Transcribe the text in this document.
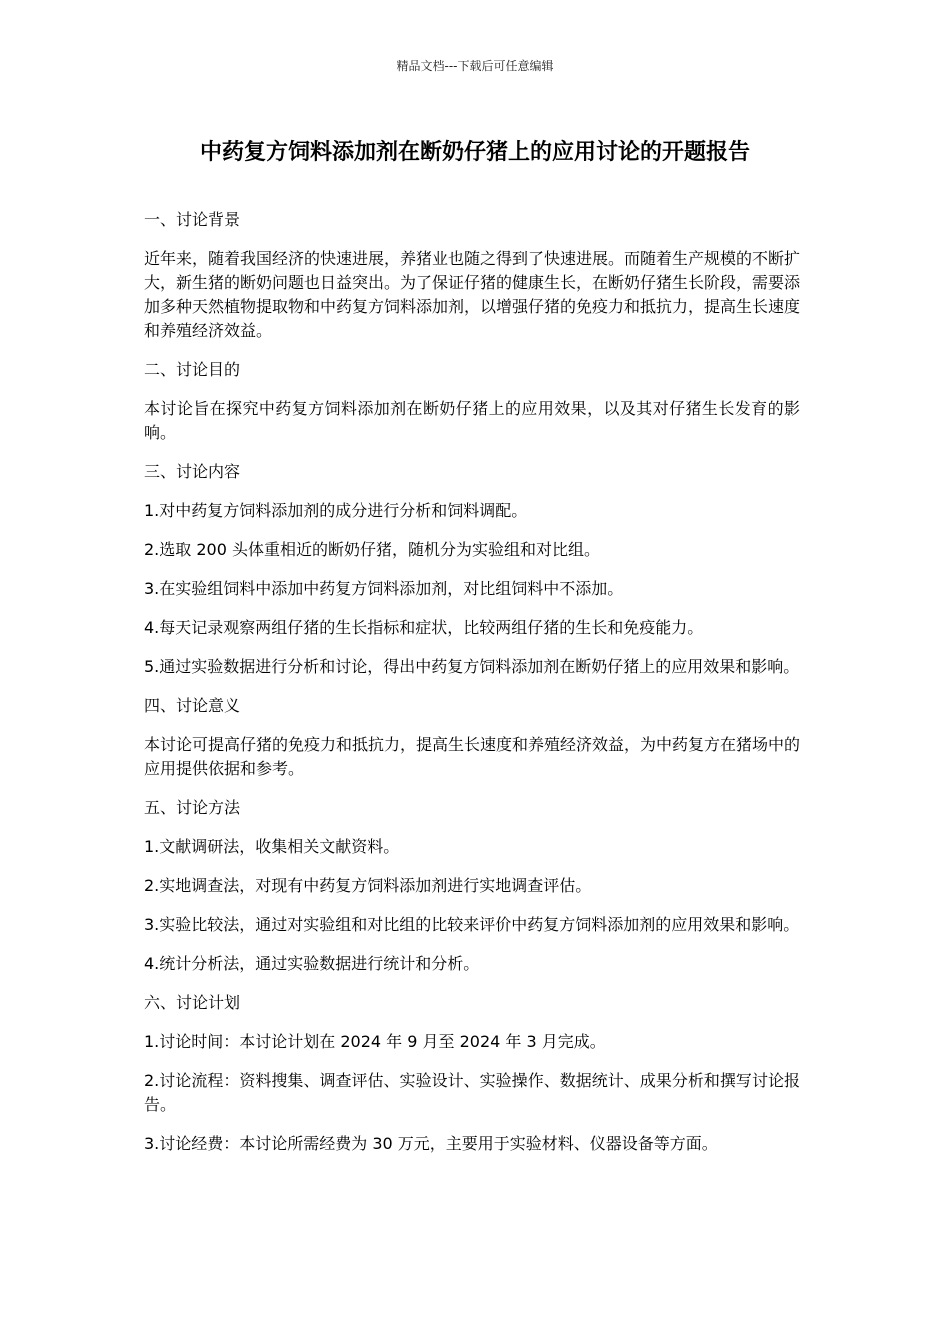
精品文档---下载后可任意编辑
中药复方饲料添加剂在断奶仔猪上的应用讨论的开题报告

一、讨论背景

近年来，随着我国经济的快速进展，养猪业也随之得到了快速进展。而随着生产规模的不断扩大，新生猪的断奶问题也日益突出。为了保证仔猪的健康生长，在断奶仔猪生长阶段，需要添加多种天然植物提取物和中药复方饲料添加剂，以增强仔猪的免疫力和抵抗力，提高生长速度和养殖经济效益。

二、讨论目的

本讨论旨在探究中药复方饲料添加剂在断奶仔猪上的应用效果，以及其对仔猪生长发育的影响。

三、讨论内容

1.对中药复方饲料添加剂的成分进行分析和饲料调配。

2.选取 200 头体重相近的断奶仔猪，随机分为实验组和对比组。

3.在实验组饲料中添加中药复方饲料添加剂，对比组饲料中不添加。

4.每天记录观察两组仔猪的生长指标和症状，比较两组仔猪的生长和免疫能力。

5.通过实验数据进行分析和讨论，得出中药复方饲料添加剂在断奶仔猪上的应用效果和影响。

四、讨论意义

本讨论可提高仔猪的免疫力和抵抗力，提高生长速度和养殖经济效益，为中药复方在猪场中的应用提供依据和参考。

五、讨论方法

1.文献调研法，收集相关文献资料。

2.实地调查法，对现有中药复方饲料添加剂进行实地调查评估。

3.实验比较法，通过对实验组和对比组的比较来评价中药复方饲料添加剂的应用效果和影响。

4.统计分析法，通过实验数据进行统计和分析。

六、讨论计划

1.讨论时间：本讨论计划在 2024 年 9 月至 2024 年 3 月完成。

2.讨论流程：资料搜集、调查评估、实验设计、实验操作、数据统计、成果分析和撰写讨论报告。

3.讨论经费：本讨论所需经费为 30 万元，主要用于实验材料、仪器设备等方面。
